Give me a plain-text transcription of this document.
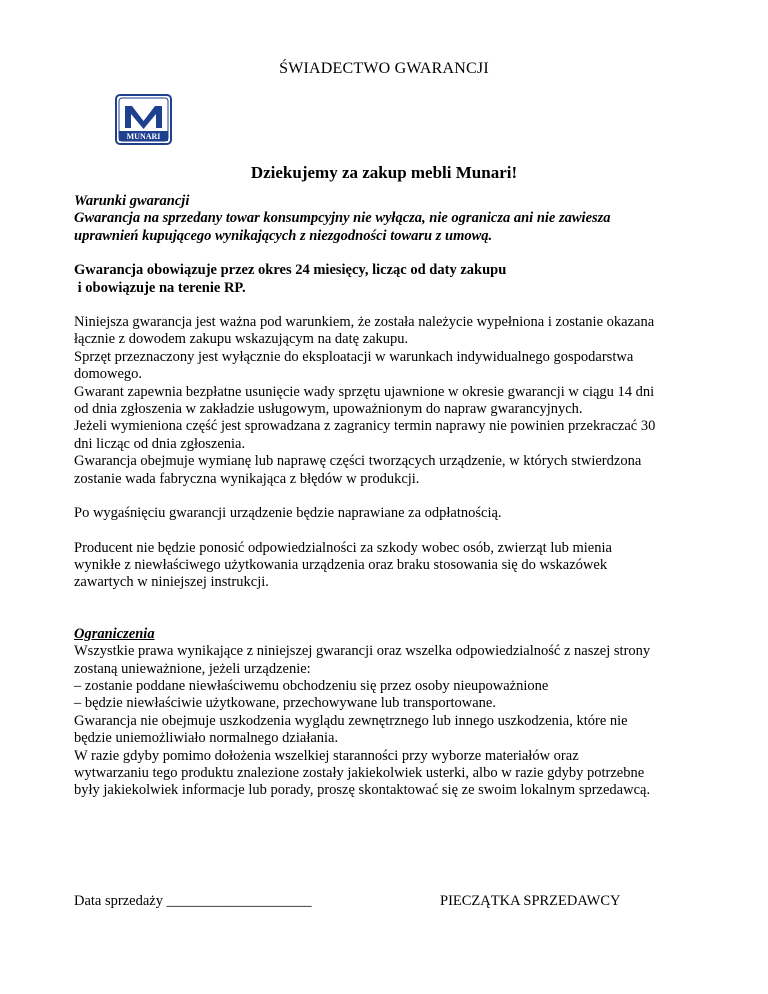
ŚWIADECTWO GWARANCJI
MUNARI
Dziekujemy za zakup mebli Munari!

Warunki gwarancji

Gwarancja na sprzedany towar konsumpcyjny nie wyłącza, nie ogranicza ani nie zawiesza

uprawnień kupującego wynikających z niezgodności towaru z umową.

Gwarancja obowiązuje przez okres 24 miesięcy, licząc od daty zakupu

i obowiązuje na terenie RP.

Niniejsza gwarancja jest ważna pod warunkiem, że została należycie wypełniona i zostanie okazana

łącznie z dowodem zakupu wskazującym na datę zakupu.

Sprzęt przeznaczony jest wyłącznie do eksploatacji w warunkach indywidualnego gospodarstwa

domowego.

Gwarant zapewnia bezpłatne usunięcie wady sprzętu ujawnione w okresie gwarancji w ciągu 14 dni

od dnia zgłoszenia w zakładzie usługowym, upoważnionym do napraw gwarancyjnych.

Jeżeli wymieniona część jest sprowadzana z zagranicy termin naprawy nie powinien przekraczać 30

dni licząc od dnia zgłoszenia.

Gwarancja obejmuje wymianę lub naprawę części tworzących urządzenie, w których stwierdzona

zostanie wada fabryczna wynikająca z błędów w produkcji.

Po wygaśnięciu gwarancji urządzenie będzie naprawiane za odpłatnością.

Producent nie będzie ponosić odpowiedzialności za szkody wobec osób, zwierząt lub mienia

wynikłe z niewłaściwego użytkowania urządzenia oraz braku stosowania się do wskazówek

zawartych w niniejszej instrukcji.

Ograniczenia

Wszystkie prawa wynikające z niniejszej gwarancji oraz wszelka odpowiedzialność z naszej strony

zostaną unieważnione, jeżeli urządzenie:

– zostanie poddane niewłaściwemu obchodzeniu się przez osoby nieupoważnione

– będzie niewłaściwie użytkowane, przechowywane lub transportowane.

Gwarancja nie obejmuje uszkodzenia wyglądu zewnętrznego lub innego uszkodzenia, które nie

będzie uniemożliwiało normalnego działania.

W razie gdyby pomimo dołożenia wszelkiej staranności przy wyborze materiałów oraz

wytwarzaniu tego produktu znalezione zostały jakiekolwiek usterki, albo w razie gdyby potrzebne

były jakiekolwiek informacje lub porady, proszę skontaktować się ze swoim lokalnym sprzedawcą.

Data sprzedaży ____________________	PIECZĄTKA SPRZEDAWCY
